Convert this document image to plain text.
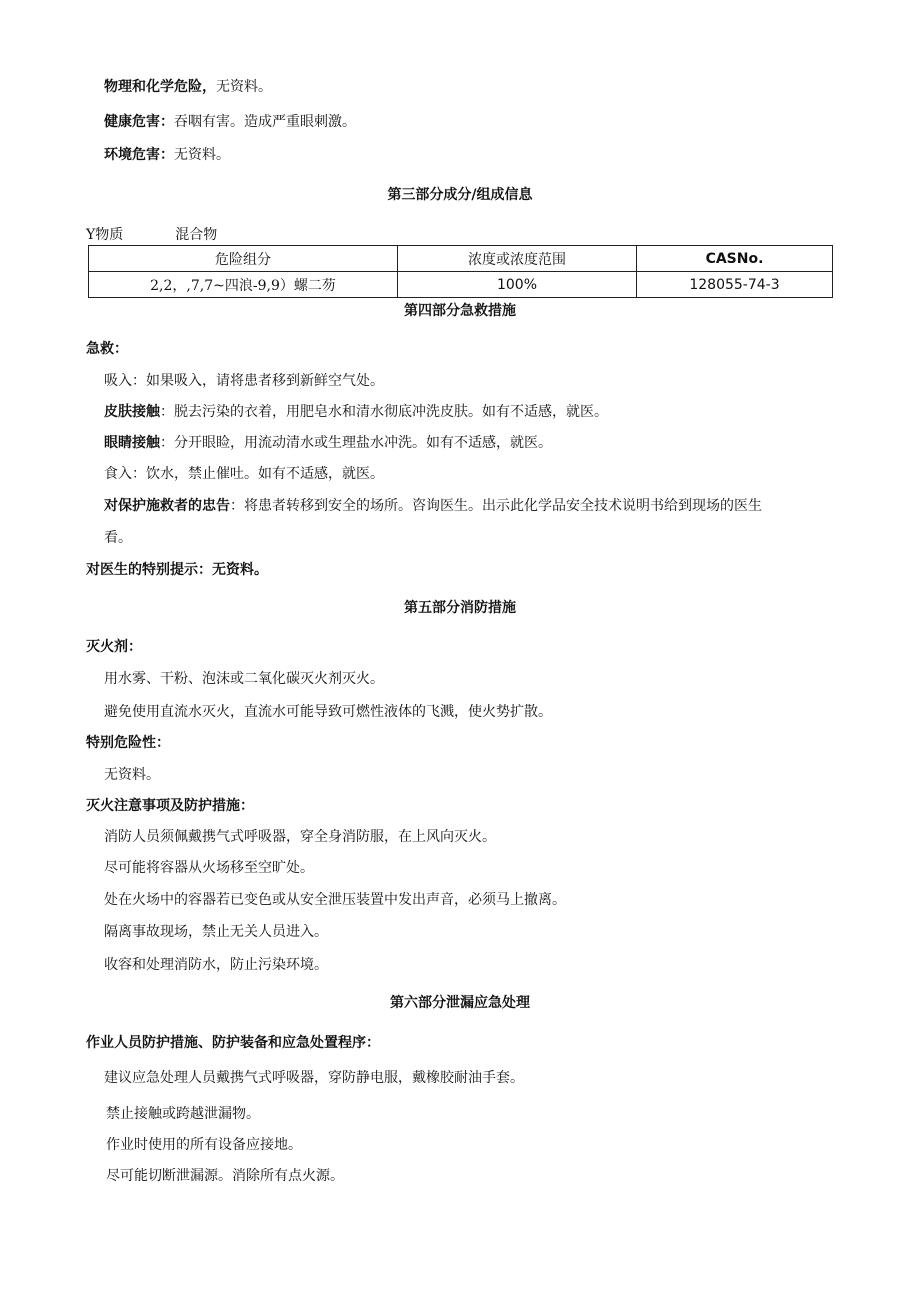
物理和化学危险，无资料。
健康危害：吞咽有害。造成严重眼刺激。
环境危害：无资料。
第三部分成分/组成信息
Y物质	混合物
危险组分	浓度或浓度范围	CASNo.
2,2，,7,7~四浪-9,9）螺二芴	100%	128055-74-3
第四部分急救措施
急救：
吸入：如果吸入，请将患者移到新鲜空气处。
皮肤接触：脱去污染的衣着，用肥皂水和清水彻底冲洗皮肤。如有不适感，就医。
眼睛接触：分开眼睑，用流动清水或生理盐水冲洗。如有不适感，就医。
食入：饮水，禁止催吐。如有不适感，就医。
对保护施救者的忠告：将患者转移到安全的场所。咨询医生。出示此化学品安全技术说明书给到现场的医生
看。
对医生的特别提示：无资料。
第五部分消防措施
灭火剂：
用水雾、干粉、泡沫或二氧化碳灭火剂灭火。
避免使用直流水灭火，直流水可能导致可燃性液体的飞溅，使火势扩散。
特别危险性：
无资料。
灭火注意事项及防护措施：
消防人员须佩戴携气式呼吸器，穿全身消防服，在上风向灭火。
尽可能将容器从火场移至空旷处。
处在火场中的容器若已变色或从安全泄压装置中发出声音，必须马上撤离。
隔离事故现场，禁止无关人员进入。
收容和处理消防水，防止污染环境。
第六部分泄漏应急处理
作业人员防护措施、防护装备和应急处置程序：
建议应急处理人员戴携气式呼吸器，穿防静电服，戴橡胶耐油手套。
禁止接触或跨越泄漏物。
作业时使用的所有设备应接地。
尽可能切断泄漏源。消除所有点火源。
